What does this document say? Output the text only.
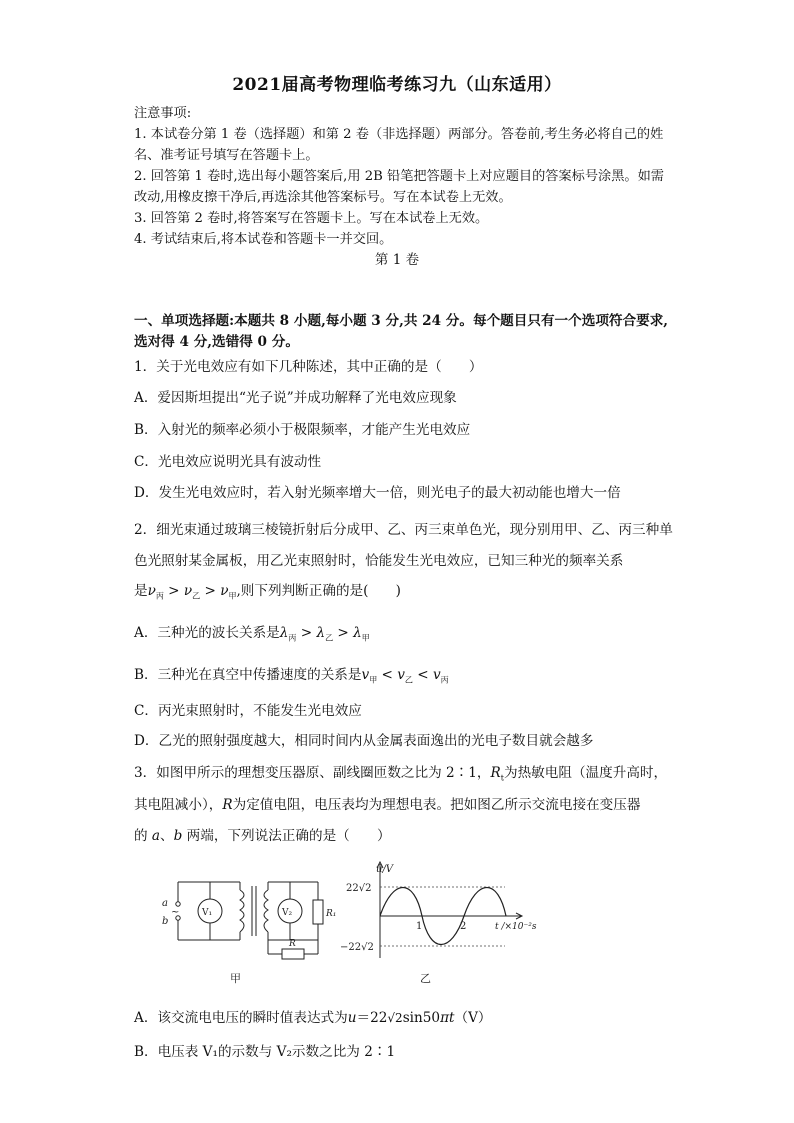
2021届高考物理临考练习九（山东适用）

注意事项:

1. 本试卷分第 1 卷（选择题）和第 2 卷（非选择题）两部分。答卷前,考生务必将自己的姓名、准考证号填写在答题卡上。

2. 回答第 1 卷时,选出每小题答案后,用 2B 铅笔把答题卡上对应题目的答案标号涂黑。如需改动,用橡皮擦干净后,再选涂其他答案标号。写在本试卷上无效。

3. 回答第 2 卷时,将答案写在答题卡上。写在本试卷上无效。

4. 考试结束后,将本试卷和答题卡一并交回。

第 1 卷
一、单项选择题:本题共 8 小题,每小题 3 分,共 24 分。每个题目只有一个选项符合要求,选对得 4 分,选错得 0 分。

1．关于光电效应有如下几种陈述，其中正确的是（　　）

A．爱因斯坦提出“光子说”并成功解释了光电效应现象

B．入射光的频率必须小于极限频率，才能产生光电效应

C．光电效应说明光具有波动性

D．发生光电效应时，若入射光频率增大一倍，则光电子的最大初动能也增大一倍

2．细光束通过玻璃三棱镜折射后分成甲、乙、丙三束单色光，现分别用甲、乙、丙三种单色光照射某金属板，用乙光束照射时，恰能发生光电效应，已知三种光的频率关系

是$\nu_丙 > \nu_乙 > \nu_甲$,则下列判断正确的是(　　)

A．三种光的波长关系是$\lambda_丙 > \lambda_乙 > \lambda_甲$

B．三种光在真空中传播速度的关系是$v_甲 < v_乙 < v_丙$

C．丙光束照射时，不能发生光电效应

D．乙光的照射强度越大，相同时间内从金属表面逸出的光电子数目就会越多

3．如图甲所示的理想变压器原、副线圈匝数之比为 2∶1，$R_t$为热敏电阻（温度升高时，

其电阻减小），R为定值电阻，电压表均为理想电表。把如图乙所示交流电接在变压器

的 a、b 两端，下列说法正确的是（　　）

a
b
~	V₁	V₂	R₁
R
甲
u/V
22√2
−22√2
1	2	t /×10⁻²s
乙

A．该交流电电压的瞬时值表达式为u＝22√2sin50πt（V）

B．电压表 V₁的示数与 V₂示数之比为 2∶1
